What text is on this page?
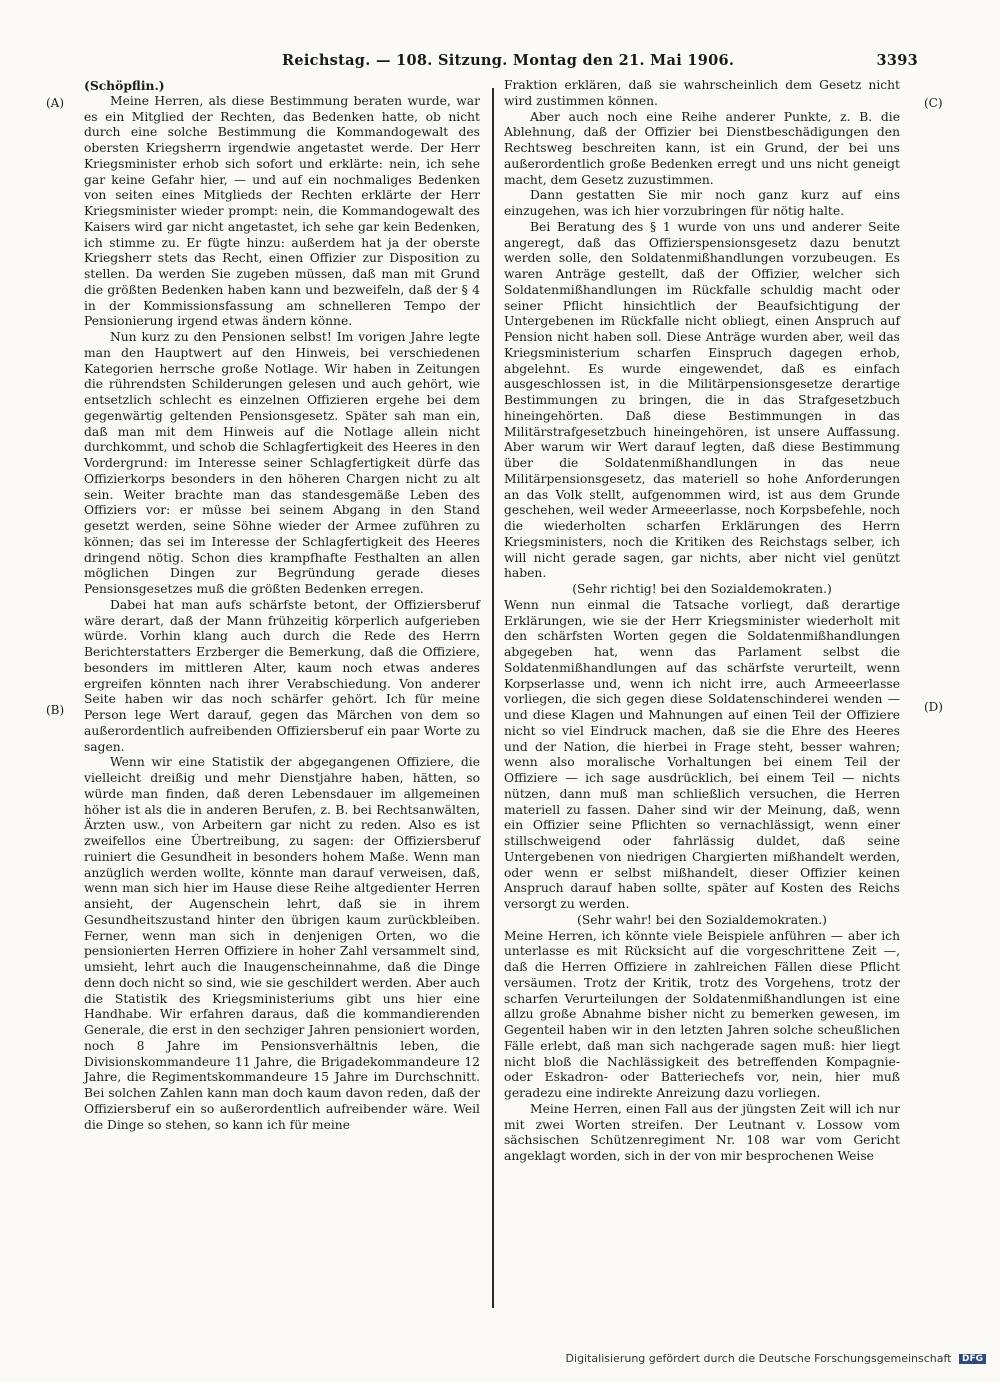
Reichstag. — 108. Sitzung. Montag den 21. Mai 1906.	3393
(A)
(B)
(C)
(D)

(Schöpflin.)

Meine Herren, als diese Bestimmung beraten wurde, war es ein Mitglied der Rechten, das Bedenken hatte, ob nicht durch eine solche Bestimmung die Kommandogewalt des obersten Kriegsherrn irgendwie angetastet werde. Der Herr Kriegsminister erhob sich sofort und erklärte: nein, ich sehe gar keine Gefahr hier, — und auf ein nochmaliges Bedenken von seiten eines Mitglieds der Rechten erklärte der Herr Kriegsminister wieder prompt: nein, die Kommandogewalt des Kaisers wird gar nicht angetastet, ich sehe gar kein Bedenken, ich stimme zu. Er fügte hinzu: außerdem hat ja der oberste Kriegsherr stets das Recht, einen Offizier zur Disposition zu stellen. Da werden Sie zugeben müssen, daß man mit Grund die größten Bedenken haben kann und bezweifeln, daß der § 4 in der Kommissionsfassung am schnelleren Tempo der Pensionierung irgend etwas ändern könne.

Nun kurz zu den Pensionen selbst! Im vorigen Jahre legte man den Hauptwert auf den Hinweis, bei verschiedenen Kategorien herrsche große Notlage. Wir haben in Zeitungen die rührendsten Schilderungen gelesen und auch gehört, wie entsetzlich schlecht es einzelnen Offizieren ergehe bei dem gegenwärtig geltenden Pensionsgesetz. Später sah man ein, daß man mit dem Hinweis auf die Notlage allein nicht durchkommt, und schob die Schlagfertigkeit des Heeres in den Vordergrund: im Interesse seiner Schlagfertigkeit dürfe das Offizierkorps besonders in den höheren Chargen nicht zu alt sein. Weiter brachte man das standesgemäße Leben des Offiziers vor: er müsse bei seinem Abgang in den Stand gesetzt werden, seine Söhne wieder der Armee zuführen zu können; das sei im Interesse der Schlagfertigkeit des Heeres dringend nötig. Schon dies krampfhafte Festhalten an allen möglichen Dingen zur Begründung gerade dieses Pensionsgesetzes muß die größten Bedenken erregen.

Dabei hat man aufs schärfste betont, der Offiziersberuf wäre derart, daß der Mann frühzeitig körperlich aufgerieben würde. Vorhin klang auch durch die Rede des Herrn Berichterstatters Erzberger die Bemerkung, daß die Offiziere, besonders im mittleren Alter, kaum noch etwas anderes ergreifen könnten nach ihrer Verabschiedung. Von anderer Seite haben wir das noch schärfer gehört. Ich für meine Person lege Wert darauf, gegen das Märchen von dem so außerordentlich aufreibenden Offiziersberuf ein paar Worte zu sagen.

Wenn wir eine Statistik der abgegangenen Offiziere, die vielleicht dreißig und mehr Dienstjahre haben, hätten, so würde man finden, daß deren Lebensdauer im allgemeinen höher ist als die in anderen Berufen, z. B. bei Rechtsanwälten, Ärzten usw., von Arbeitern gar nicht zu reden. Also es ist zweifellos eine Übertreibung, zu sagen: der Offiziersberuf ruiniert die Gesundheit in besonders hohem Maße. Wenn man anzüglich werden wollte, könnte man darauf verweisen, daß, wenn man sich hier im Hause diese Reihe altgedienter Herren ansieht, der Augenschein lehrt, daß sie in ihrem Gesundheitszustand hinter den übrigen kaum zurückbleiben. Ferner, wenn man sich in denjenigen Orten, wo die pensionierten Herren Offiziere in hoher Zahl versammelt sind, umsieht, lehrt auch die Inaugenscheinnahme, daß die Dinge denn doch nicht so sind, wie sie geschildert werden. Aber auch die Statistik des Kriegsministeriums gibt uns hier eine Handhabe. Wir erfahren daraus, daß die kommandierenden Generale, die erst in den sechziger Jahren pensioniert worden, noch 8 Jahre im Pensionsverhältnis leben, die Divisionskommandeure 11 Jahre, die Brigadekommandeure 12 Jahre, die Regimentskommandeure 15 Jahre im Durchschnitt. Bei solchen Zahlen kann man doch kaum davon reden, daß der Offiziersberuf ein so außerordentlich aufreibender wäre. Weil die Dinge so stehen, so kann ich für meine

Fraktion erklären, daß sie wahrscheinlich dem Gesetz nicht wird zustimmen können.

Aber auch noch eine Reihe anderer Punkte, z. B. die Ablehnung, daß der Offizier bei Dienstbeschädigungen den Rechtsweg beschreiten kann, ist ein Grund, der bei uns außerordentlich große Bedenken erregt und uns nicht geneigt macht, dem Gesetz zuzustimmen.

Dann gestatten Sie mir noch ganz kurz auf eins einzugehen, was ich hier vorzubringen für nötig halte.

Bei Beratung des § 1 wurde von uns und anderer Seite angeregt, daß das Offizierspensionsgesetz dazu benutzt werden solle, den Soldatenmißhandlungen vorzubeugen. Es waren Anträge gestellt, daß der Offizier, welcher sich Soldatenmißhandlungen im Rückfalle schuldig macht oder seiner Pflicht hinsichtlich der Beaufsichtigung der Untergebenen im Rückfalle nicht obliegt, einen Anspruch auf Pension nicht haben soll. Diese Anträge wurden aber, weil das Kriegsministerium scharfen Einspruch dagegen erhob, abgelehnt. Es wurde eingewendet, daß es einfach ausgeschlossen ist, in die Militärpensionsgesetze derartige Bestimmungen zu bringen, die in das Strafgesetzbuch hineingehörten. Daß diese Bestimmungen in das Militärstrafgesetzbuch hineingehören, ist unsere Auffassung. Aber warum wir Wert darauf legten, daß diese Bestimmung über die Soldatenmißhandlungen in das neue Militärpensionsgesetz, das materiell so hohe Anforderungen an das Volk stellt, aufgenommen wird, ist aus dem Grunde geschehen, weil weder Armeeerlasse, noch Korpsbefehle, noch die wiederholten scharfen Erklärungen des Herrn Kriegsministers, noch die Kritiken des Reichstags selber, ich will nicht gerade sagen, gar nichts, aber nicht viel genützt haben.

(Sehr richtig! bei den Sozialdemokraten.)

Wenn nun einmal die Tatsache vorliegt, daß derartige Erklärungen, wie sie der Herr Kriegsminister wiederholt mit den schärfsten Worten gegen die Soldatenmißhandlungen abgegeben hat, wenn das Parlament selbst die Soldatenmißhandlungen auf das schärfste verurteilt, wenn Korpserlasse und, wenn ich nicht irre, auch Armeeerlasse vorliegen, die sich gegen diese Soldatenschinderei wenden — und diese Klagen und Mahnungen auf einen Teil der Offiziere nicht so viel Eindruck machen, daß sie die Ehre des Heeres und der Nation, die hierbei in Frage steht, besser wahren; wenn also moralische Vorhaltungen bei einem Teil der Offiziere — ich sage ausdrücklich, bei einem Teil — nichts nützen, dann muß man schließlich versuchen, die Herren materiell zu fassen. Daher sind wir der Meinung, daß, wenn ein Offizier seine Pflichten so vernachlässigt, wenn einer stillschweigend oder fahrlässig duldet, daß seine Untergebenen von niedrigen Chargierten mißhandelt werden, oder wenn er selbst mißhandelt, dieser Offizier keinen Anspruch darauf haben sollte, später auf Kosten des Reichs versorgt zu werden.

(Sehr wahr! bei den Sozialdemokraten.)

Meine Herren, ich könnte viele Beispiele anführen — aber ich unterlasse es mit Rücksicht auf die vorgeschrittene Zeit —, daß die Herren Offiziere in zahlreichen Fällen diese Pflicht versäumen. Trotz der Kritik, trotz des Vorgehens, trotz der scharfen Verurteilungen der Soldatenmißhandlungen ist eine allzu große Abnahme bisher nicht zu bemerken gewesen, im Gegenteil haben wir in den letzten Jahren solche scheußlichen Fälle erlebt, daß man sich nachgerade sagen muß: hier liegt nicht bloß die Nachlässigkeit des betreffenden Kompagnie- oder Eskadron- oder Batteriechefs vor, nein, hier muß geradezu eine indirekte Anreizung dazu vorliegen.

Meine Herren, einen Fall aus der jüngsten Zeit will ich nur mit zwei Worten streifen. Der Leutnant v. Lossow vom sächsischen Schützenregiment Nr. 108 war vom Gericht angeklagt worden, sich in der von mir besprochenen Weise

Digitalisierung gefördert durch die Deutsche Forschungsgemeinschaft DFG
